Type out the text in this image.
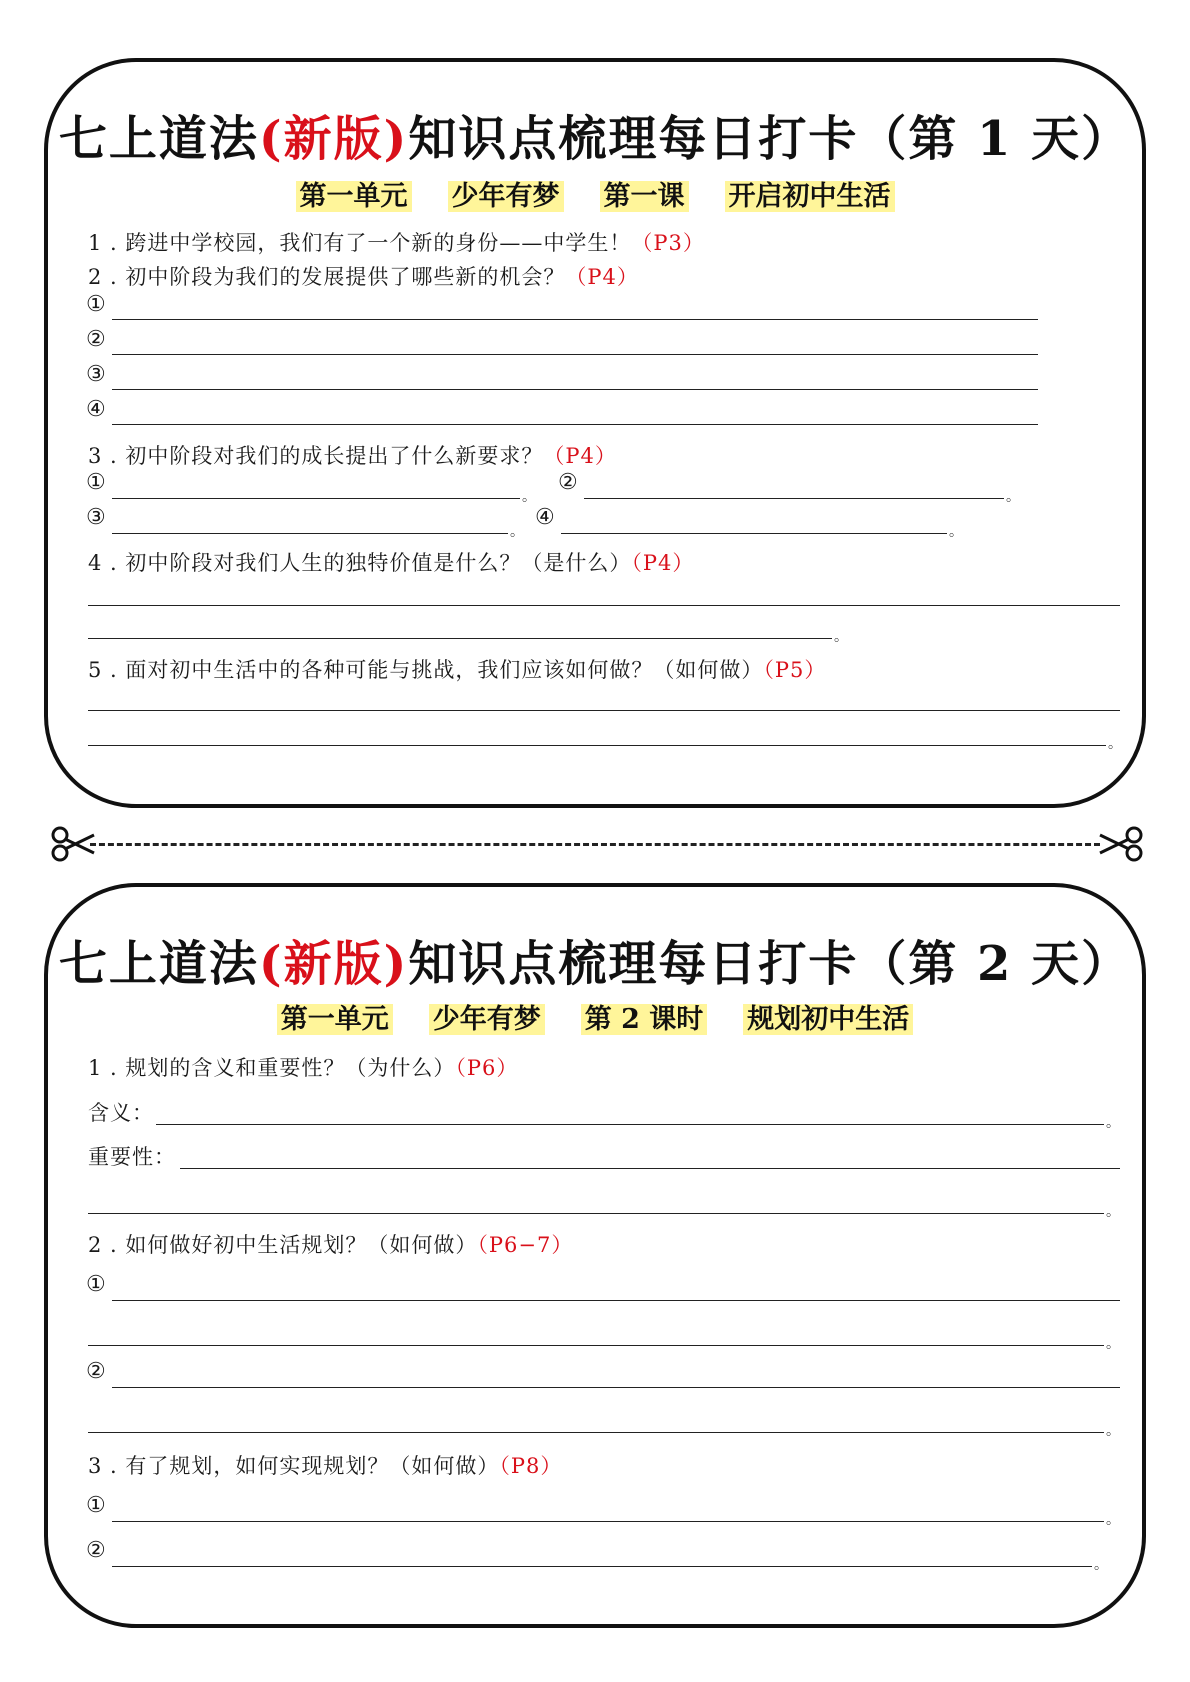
七上道法(新版)知识点梳理每日打卡（第 1 天）
第一单元 少年有梦 第一课 开启初中生活
1 . 跨进中学校园，我们有了一个新的身份——中学生！（P3）
2 . 初中阶段为我们的发展提供了哪些新的机会？（P4）
①
②
③
④
3 . 初中阶段对我们的成长提出了什么新要求？（P4）
①
。
②
。
③
。
④
。
4 . 初中阶段对我们人生的独特价值是什么？（是什么）（P4）
。
5 . 面对初中生活中的各种可能与挑战，我们应该如何做？（如何做）（P5）
。
七上道法(新版)知识点梳理每日打卡（第 2 天）
第一单元 少年有梦 第 2 课时 规划初中生活
1 . 规划的含义和重要性？（为什么）（P6）
含义：	。
重要性：
。
2 . 如何做好初中生活规划？（如何做）（P6−7）
①
。
②
。
3 . 有了规划，如何实现规划？（如何做）（P8）
①
。
②
。
